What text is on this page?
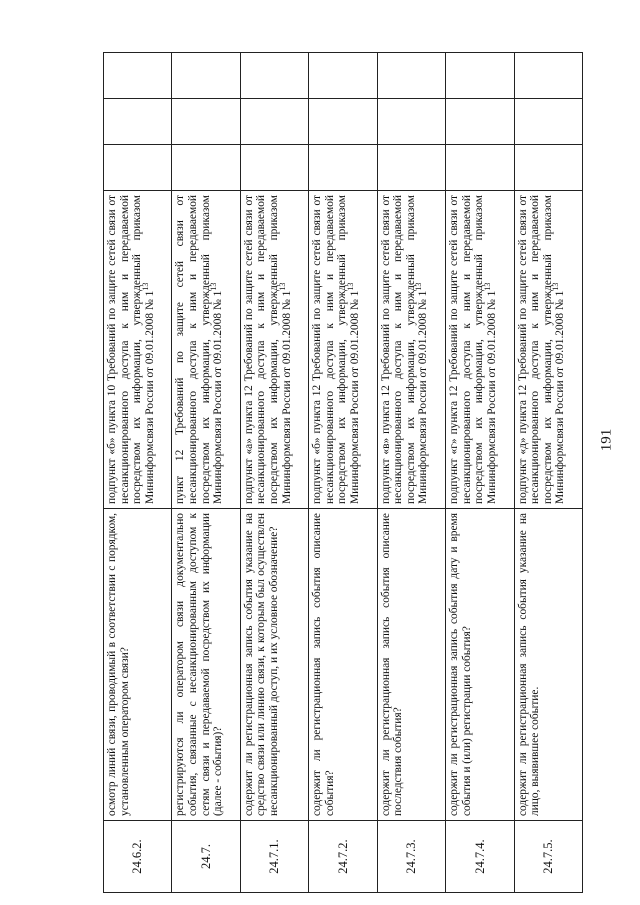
191
24.6.2.	осмотр линий связи, проводимый в соответствии с порядком, установленным оператором связи?	подпункт «б» пункта 10 Требований по защите сетей связи от несанкционированного доступа к ним и передаваемой посредством их информации, утвержденный приказом Мининформсвязи России от 09.01.2008 № $1^{13}$			
24.7.	регистрируются ли оператором связи документально события, связанные с несанкционированным доступом к сетям связи и передаваемой посредством их информации (далее - события)?	пункт 12 Требований по защите сетей связи от несанкционированного доступа к ним и передаваемой посредством их информации, утвержденный приказом Мининформсвязи России от 09.01.2008 № $1^{13}$			
24.7.1.	содержит ли регистрационная запись события указание на средство связи или линию связи, к которым был осуществлен несанкционированный доступ, и их условное обозначение?	подпункт «а» пункта 12 Требований по защите сетей связи от несанкционированного доступа к ним и передаваемой посредством их информации, утвержденный приказом Мининформсвязи России от 09.01.2008 № $1^{13}$			
24.7.2.	содержит ли регистрационная запись события описание события?	подпункт «б» пункта 12 Требований по защите сетей связи от несанкционированного доступа к ним и передаваемой посредством их информации, утвержденный приказом Мининформсвязи России от 09.01.2008 № $1^{13}$			
24.7.3.	содержит ли регистрационная запись события описание последствия события?	подпункт «в» пункта 12 Требований по защите сетей связи от несанкционированного доступа к ним и передаваемой посредством их информации, утвержденный приказом Мининформсвязи России от 09.01.2008 № $1^{13}$			
24.7.4.	содержит ли регистрационная запись события дату и время события и (или) регистрации события?	подпункт «г» пункта 12 Требований по защите сетей связи от несанкционированного доступа к ним и передаваемой посредством их информации, утвержденный приказом Мининформсвязи России от 09.01.2008 № $1^{13}$			
24.7.5.	содержит ли регистрационная запись события указание на лицо, выявившее событие.	подпункт «д» пункта 12 Требований по защите сетей связи от несанкционированного доступа к ним и передаваемой посредством их информации, утвержденный приказом Мининформсвязи России от 09.01.2008 № $1^{13}$			
